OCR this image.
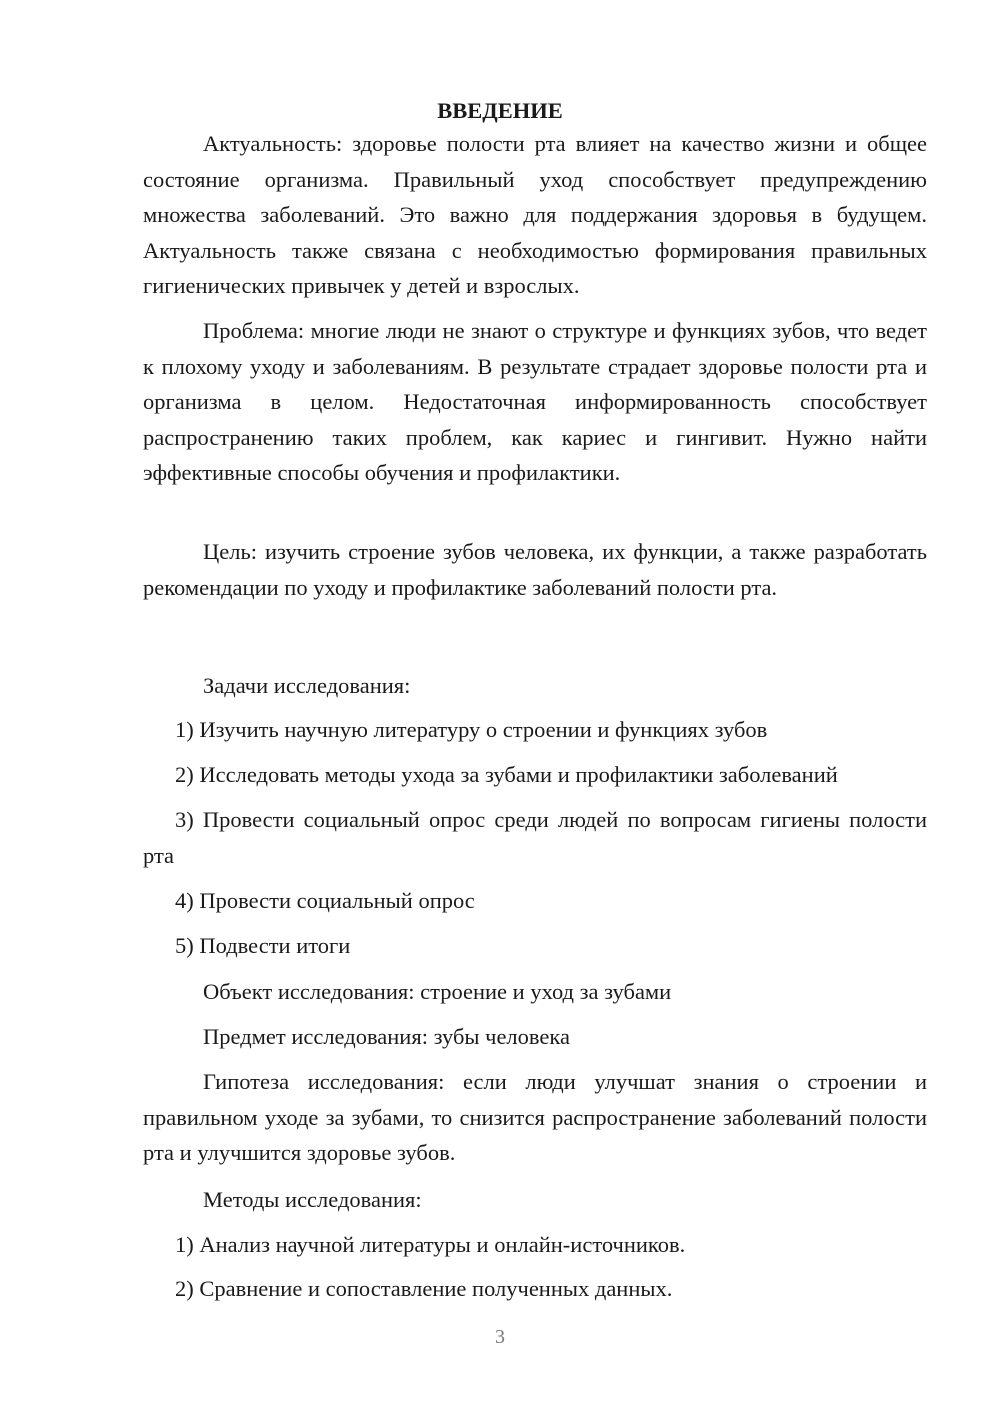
ВВЕДЕНИЕ

Актуальность: здоровье полости рта влияет на качество жизни и общее состояние организма. Правильный уход способствует предупреждению множества заболеваний. Это важно для поддержания здоровья в будущем. Актуальность также связана с необходимостью формирования правильных гигиенических привычек у детей и взрослых.

Проблема: многие люди не знают о структуре и функциях зубов, что ведет к плохому уходу и заболеваниям. В результате страдает здоровье полости рта и организма в целом. Недостаточная информированность способствует распространению таких проблем, как кариес и гингивит. Нужно найти эффективные способы обучения и профилактики.

Цель: изучить строение зубов человека, их функции, а также разработать рекомендации по уходу и профилактике заболеваний полости рта.

Задачи исследования:

1) Изучить научную литературу о строении и функциях зубов

2) Исследовать методы ухода за зубами и профилактики заболеваний

3) Провести социальный опрос среди людей по вопросам гигиены полости рта

4) Провести социальный опрос

5) Подвести итоги

Объект исследования: строение и уход за зубами

Предмет исследования: зубы человека

Гипотеза исследования: если люди улучшат знания о строении и правильном уходе за зубами, то снизится распространение заболеваний полости рта и улучшится здоровье зубов.

Методы исследования:

1) Анализ научной литературы и онлайн-источников.

2) Сравнение и сопоставление полученных данных.

3
